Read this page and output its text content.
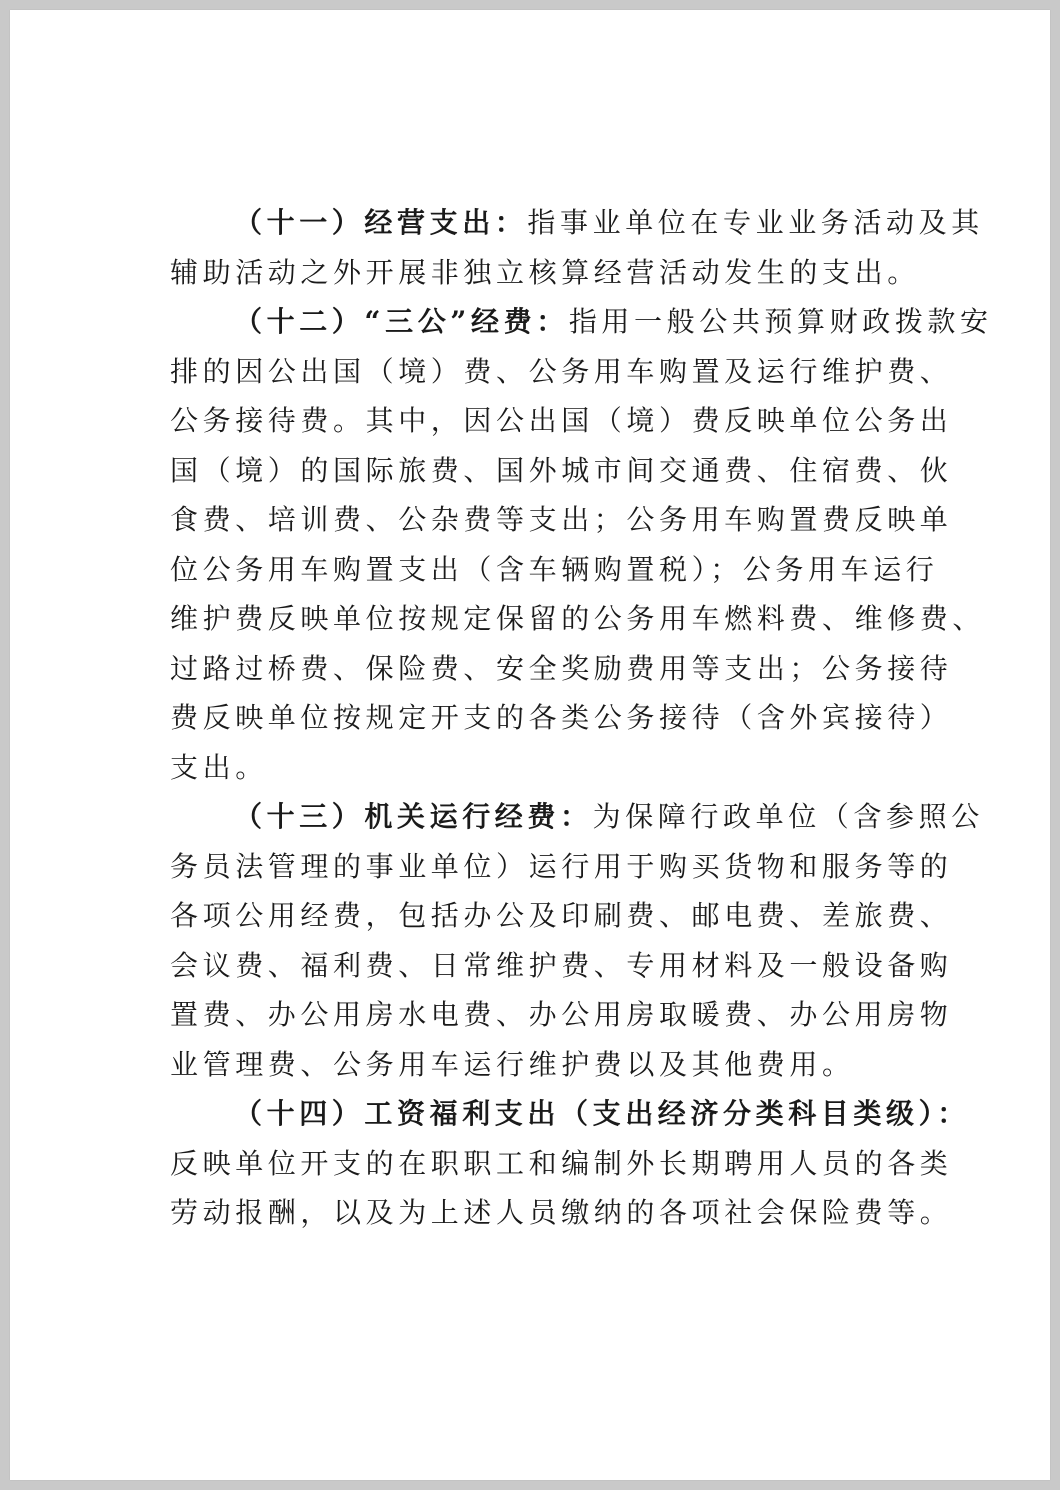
（十一）经营支出：指事业单位在专业业务活动及其
辅助活动之外开展非独立核算经营活动发生的支出。

（十二）“三公”经费：指用一般公共预算财政拨款安
排的因公出国（境）费、公务用车购置及运行维护费、
公务接待费。其中，因公出国（境）费反映单位公务出
国（境）的国际旅费、国外城市间交通费、住宿费、伙
食费、培训费、公杂费等支出；公务用车购置费反映单
位公务用车购置支出（含车辆购置税）；公务用车运行
维护费反映单位按规定保留的公务用车燃料费、维修费、
过路过桥费、保险费、安全奖励费用等支出；公务接待
费反映单位按规定开支的各类公务接待（含外宾接待）
支出。

（十三）机关运行经费：为保障行政单位（含参照公
务员法管理的事业单位）运行用于购买货物和服务等的
各项公用经费，包括办公及印刷费、邮电费、差旅费、
会议费、福利费、日常维护费、专用材料及一般设备购
置费、办公用房水电费、办公用房取暖费、办公用房物
业管理费、公务用车运行维护费以及其他费用。

（十四）工资福利支出（支出经济分类科目类级）：
反映单位开支的在职职工和编制外长期聘用人员的各类
劳动报酬，以及为上述人员缴纳的各项社会保险费等。
